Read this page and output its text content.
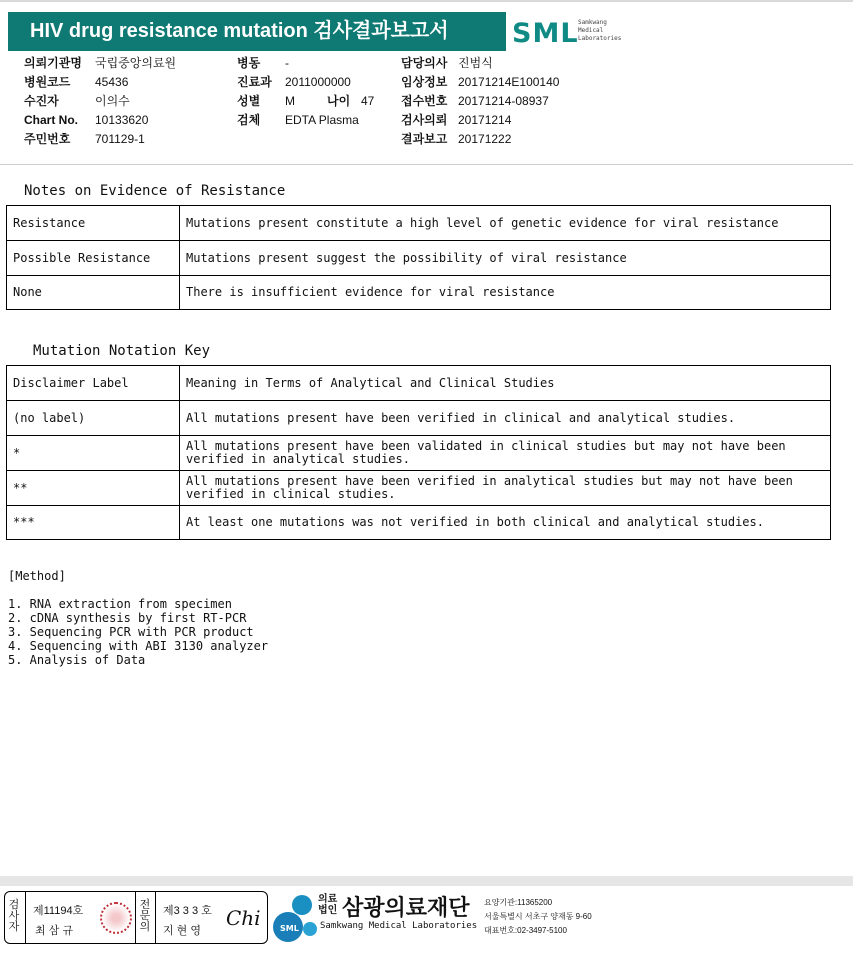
HIV drug resistance mutation 검사결과보고서	SML Samkwang
Medical
Laboratories
의뢰기관명 국립중앙의료원
병원코드 45436
수진자	이의수
Chart No. 10133620
주민번호 701129-1
병동 -
진료과 2011000000
성별 M	나이 47
검체 EDTA Plasma
담당의사 진범식
임상정보 20171214E100140
접수번호 20171214-08937
검사의뢰 20171214
결과보고 20171222
Notes on Evidence of Resistance
Resistance	Mutations present constitute a high level of genetic evidence for viral resistance
Possible Resistance	Mutations present suggest the possibility of viral resistance
None	There is insufficient evidence for viral resistance
Mutation Notation Key
Disclaimer Label	Meaning in Terms of Analytical and Clinical Studies
(no label)	All mutations present have been verified in clinical and analytical studies.
*	All mutations present have been validated in clinical studies but may not have been verified in analytical studies.
**	All mutations present have been verified in analytical studies but may not have been verified in clinical studies.
***	At least one mutations was not verified in both clinical and analytical studies.
[Method]
1. RNA extraction from specimen
2. cDNA synthesis by first RT-PCR
3. Sequencing PCR with PCR product
4. Sequencing with ABI 3130 analyzer
5. Analysis of Data
검
사
자
제11194호
최 삼 규
전
문
의
제3 3 3 호
지 현 영
Chi SML
의료
법인 삼광의료재단
Samkwang Medical Laboratories
요양기관:11365200
서울특별시 서초구 양재동 9-60
대표번호:02-3497-5100
